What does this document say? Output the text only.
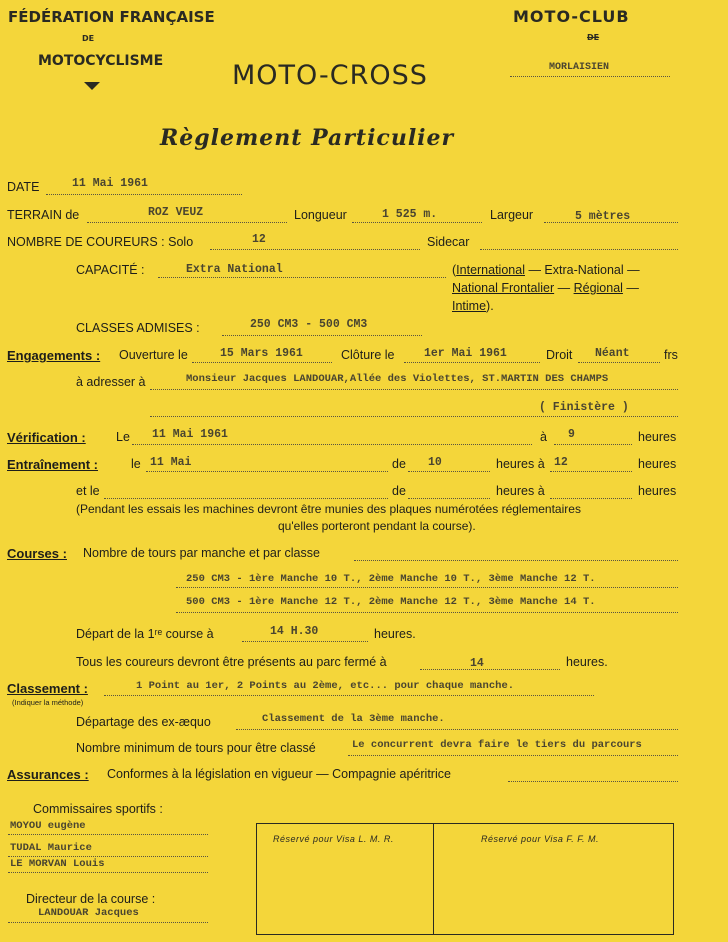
FÉDÉRATION FRANÇAISE
DE
MOTOCYCLISME
MOTO-CLUB
DE
MORLAISIEN
MOTO-CROSS
Règlement Particulier
DATE	11 Mai 1961
TERRAIN de	ROZ VEUZ	Longueur	1 525 m.	Largeur	5 mètres
NOMBRE DE COUREURS : Solo	12	Sidecar
CAPACITÉ :	Extra National	(International — Extra-National —
National Frontalier — Régional —
Intime).
CLASSES ADMISES :	250 CM3 - 500 CM3
Engagements : Ouverture le	15 Mars 1961	Clôture le	1er Mai 1961	Droit Néant	frs
à adresser à	Monsieur Jacques LANDOUAR,Allée des Violettes, ST.MARTIN DES CHAMPS
( Finistère )
Vérification : Le 11 Mai 1961	à 9	heures
Entraînement :	le 11 Mai	de 10	heures à 12	heures
et le	de	heures à	heures
(Pendant les essais les machines devront être munies des plaques numérotées réglementaires
qu'elles porteront pendant la course).
Courses : Nombre de tours par manche et par classe
250 CM3 - 1ère Manche 10 T., 2ème Manche 10 T., 3ème Manche 12 T.
500 CM3 - 1ère Manche 12 T., 2ème Manche 12 T., 3ème Manche 14 T.
Départ de la 1ʳᵉ course à	14 H.30	heures.
Tous les coureurs devront être présents au parc fermé à	14	heures.
Classement :
(Indiquer la méthode)
1 Point au 1er, 2 Points au 2ème, etc... pour chaque manche.
Départage des ex-æquo	Classement de la 3ème manche.
Nombre minimum de tours pour être classé	Le concurrent devra faire le tiers du parcours
Assurances : Conformes à la législation en vigueur — Compagnie apéritrice
Commissaires sportifs :
MOYOU eugène
TUDAL Maurice
LE MORVAN Louis
Directeur de la course :
LANDOUAR Jacques
Réservé pour Visa L. M. R.	Réservé pour Visa F. F. M.
